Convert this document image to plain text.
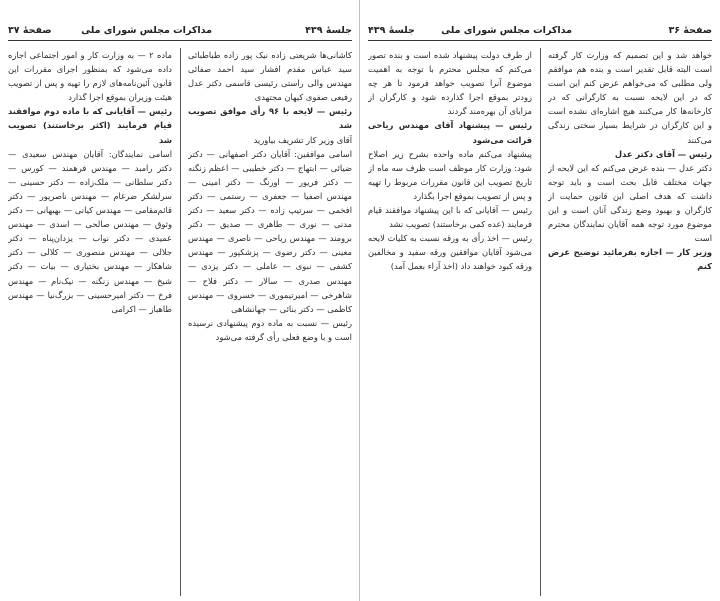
جلسهٔ ۴۳۹
مذاکرات مجلس شورای ملی
صفحهٔ ۳۷

کاشانی‌ها شریعتی زاده نیک پور زاده طباطبائی سید عباس مقدم افشار سید احمد صفائی مهندس والی راستی رئیسی قاسمی دکتر عدل رفیعی صفوی کیهان مجتهدی

رئیس — لایحه با ۹۶ رأی موافق تصویب شد

آقای وزیر کار تشریف بیاورید

اسامی موافقین: آقایان دکتر اصفهانی — دکتر ضیائی — ابتهاج — دکتر خطیبی — اعظم زنگنه — دکتر فریور — اورنگ — دکتر امینی — مهندس اصفیا — جعفری — رستمی — دکتر افخمی — سرتیپ زاده — دکتر سعید — دکتر مدنی — نوری — طاهری — صدیق — دکتر برومند — مهندس ریاحی — ناصری — مهندس معینی — دکتر رضوی — پزشکپور — مهندس کشفی — نبوی — عاملی — دکتر یزدی — مهندس صدری — سالار — دکتر فلاح — شاهرخی — امیرتیموری — خسروی — مهندس کاظمی — دکتر بنائی — جهانشاهی

رئیس — نسبت به ماده دوم پیشنهادی نرسیده است و با وضع فعلی رأی گرفته می‌شود

ماده ۲ — به وزارت کار و امور اجتماعی اجازه داده می‌شود که بمنظور اجرای مقررات این قانون آئین‌نامه‌های لازم را تهیه و پس از تصویب هیئت وزیران بموقع اجرا گذارد

رئیس — آقایانی که با ماده دوم موافقند قیام فرمایند (اکثر برخاستند) تصویب شد

اسامی نمایندگان: آقایان مهندس سعیدی — دکتر رامبد — مهندس فرهمند — کورس — دکتر سلطانی — ملک‌زاده — دکتر حسینی — سرلشکر ضرغام — مهندس ناصرپور — دکتر قائم‌مقامی — مهندس کیانی — بهبهانی — دکتر وثوق — مهندس صالحی — اسدی — مهندس عمیدی — دکتر نواب — یزدان‌پناه — دکتر جلالی — مهندس منصوری — کلالی — دکتر شاهکار — مهندس بختیاری — بیات — دکتر شیخ — مهندس زنگنه — نیک‌نام — مهندس فرخ — دکتر امیرحسینی — بزرگ‌نیا — مهندس طاهباز — اکرامی

صفحهٔ ۳۶
مذاکرات مجلس شورای ملی
جلسهٔ ۴۳۹

خواهد شد و این تصمیم که وزارت کار گرفته است البته قابل تقدیر است و بنده هم موافقم ولی مطلبی که می‌خواهم عرض کنم این است که در این لایحه نسبت به کارگرانی که در کارخانه‌ها کار می‌کنند هیچ اشاره‌ای نشده است و این کارگران در شرایط بسیار سختی زندگی می‌کنند

رئیس — آقای دکتر عدل

دکتر عدل — بنده عرض می‌کنم که این لایحه از جهات مختلف قابل بحث است و باید توجه داشت که هدف اصلی این قانون حمایت از کارگران و بهبود وضع زندگی آنان است و این موضوع مورد توجه همه آقایان نمایندگان محترم است

وزیر کار — اجازه بفرمائید توضیح عرض کنم

از طرف دولت پیشنهاد شده است و بنده تصور می‌کنم که مجلس محترم با توجه به اهمیت موضوع آنرا تصویب خواهد فرمود تا هر چه زودتر بموقع اجرا گذارده شود و کارگران از مزایای آن بهره‌مند گردند

رئیس — پیشنهاد آقای مهندس ریاحی قرائت می‌شود

پیشنهاد می‌کنم ماده واحده بشرح زیر اصلاح شود: وزارت کار موظف است ظرف سه ماه از تاریخ تصویب این قانون مقررات مربوط را تهیه و پس از تصویب بموقع اجرا بگذارد

رئیس — آقایانی که با این پیشنهاد موافقند قیام فرمایند (عده کمی برخاستند) تصویب نشد

رئیس — اخذ رأی به ورقه نسبت به کلیات لایحه می‌شود آقایان موافقین ورقه سفید و مخالفین ورقه کبود خواهند داد (اخذ آراء بعمل آمد)
